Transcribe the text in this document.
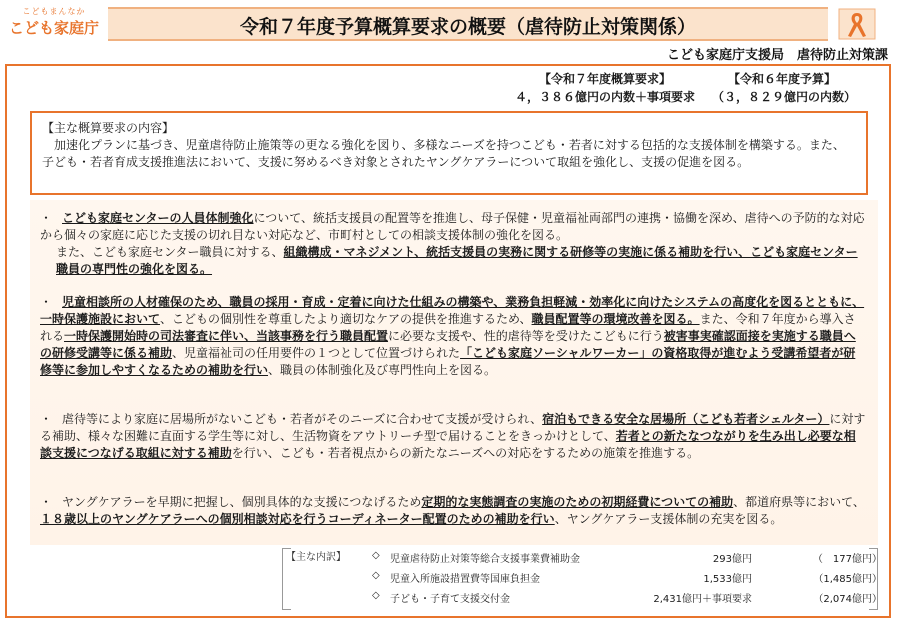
こどもまんなか
こども家庭庁	令和７年度予算概算要求の概要（虐待防止対策関係）
こども家庭庁支援局　虐待防止対策課
【令和７年度概算要求】
４，３８６億円の内数＋事項要求
【令和６年度予算】
（３，８２９億円の内数）
【主な概算要求の内容】
加速化プランに基づき、児童虐待防止施策等の更なる強化を図り、多様なニーズを持つこども・若者に対する包括的な支援体制を構築する。また、子ども・若者育成支援推進法において、支援に努めるべき対象とされたヤングケアラーについて取組を強化し、支援の促進を図る。
・ こども家庭センターの人員体制強化について、統括支援員の配置等を推進し、母子保健・児童福祉両部門の連携・協働を深め、虐待への予防的な対応から個々の家庭に応じた支援の切れ目ない対応など、市町村としての相談支援体制の強化を図る。
また、こども家庭センター職員に対する、組織構成・マネジメント、統括支援員の実務に関する研修等の実施に係る補助を行い、こども家庭センター職員の専門性の強化を図る。
・ 児童相談所の人材確保のため、職員の採用・育成・定着に向けた仕組みの構築や、業務負担軽減・効率化に向けたシステムの高度化を図るとともに、一時保護施設において、こどもの個別性を尊重したより適切なケアの提供を推進するため、職員配置等の環境改善を図る。また、令和７年度から導入される一時保護開始時の司法審査に伴い、当該事務を行う職員配置に必要な支援や、性的虐待等を受けたこどもに行う被害事実確認面接を実施する職員への研修受講等に係る補助、児童福祉司の任用要件の１つとして位置づけられた「こども家庭ソーシャルワーカー」の資格取得が進むよう受講希望者が研修等に参加しやすくなるための補助を行い、職員の体制強化及び専門性向上を図る。
・ 虐待等により家庭に居場所がないこども・若者がそのニーズに合わせて支援が受けられ、宿泊もできる安全な居場所（こども若者シェルター）に対する補助、様々な困難に直面する学生等に対し、生活物資をアウトリーチ型で届けることをきっかけとして、若者との新たなつながりを生み出し必要な相談支援につなげる取組に対する補助を行い、こども・若者視点からの新たなニーズへの対応をするための施策を推進する。
・ ヤングケアラーを早期に把握し、個別具体的な支援につなげるため定期的な実態調査の実施のための初期経費についての補助、都道府県等において、１８歳以上のヤングケアラーへの個別相談対応を行うコーディネーター配置のための補助を行い、ヤングケアラー支援体制の充実を図る。
【主な内訳】	◇ 児童虐待防止対策等総合支援事業費補助金	293億円	（　177億円）
◇ 児童入所施設措置費等国庫負担金	1,533億円	（1,485億円）
◇ 子ども・子育て支援交付金	2,431億円＋事項要求	（2,074億円）
